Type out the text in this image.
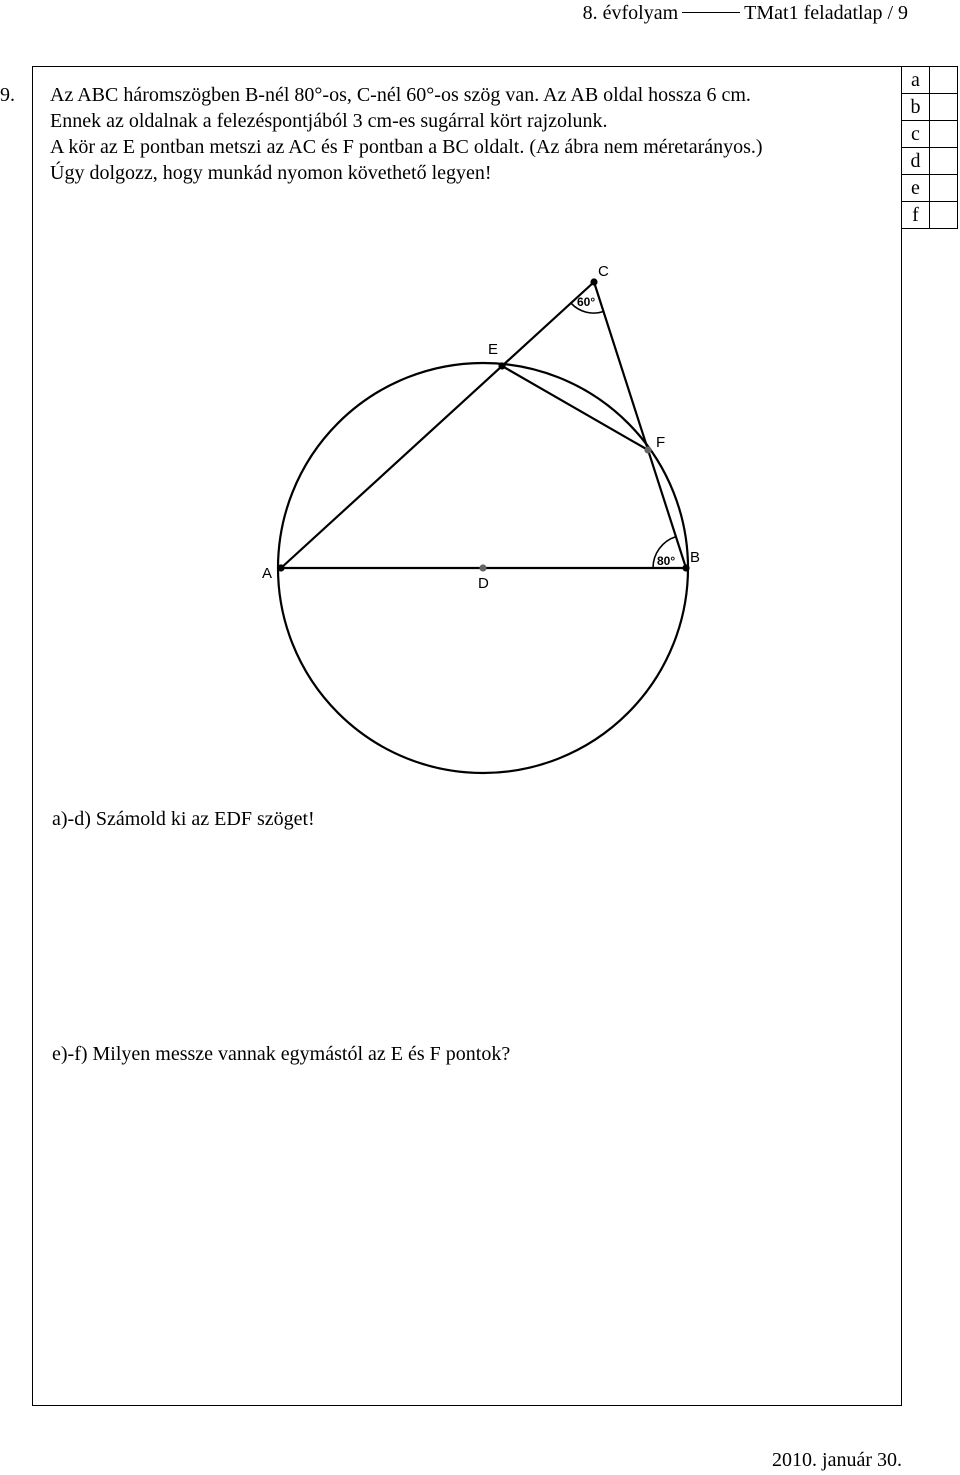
8. évfolyam	TMat1 feladatlap / 9
9. Az ABC háromszögben B-nél 80°-os, C-nél 60°-os szög van. Az AB oldal hossza 6 cm.
Ennek az oldalnak a felezéspontjából 3 cm-es sugárral kört rajzolunk.
A kör az E pontban metszi az AC és F pontban a BC oldalt. (Az ábra nem méretarányos.)
Úgy dolgozz, hogy munkád nyomon követhető legyen!
a	
b	
c	
d	
e	
f	
A
B
C
D
E
F
60°
80°
a)-d) Számold ki az EDF szöget!
e)-f) Milyen messze vannak egymástól az E és F pontok?
2010. január 30.
